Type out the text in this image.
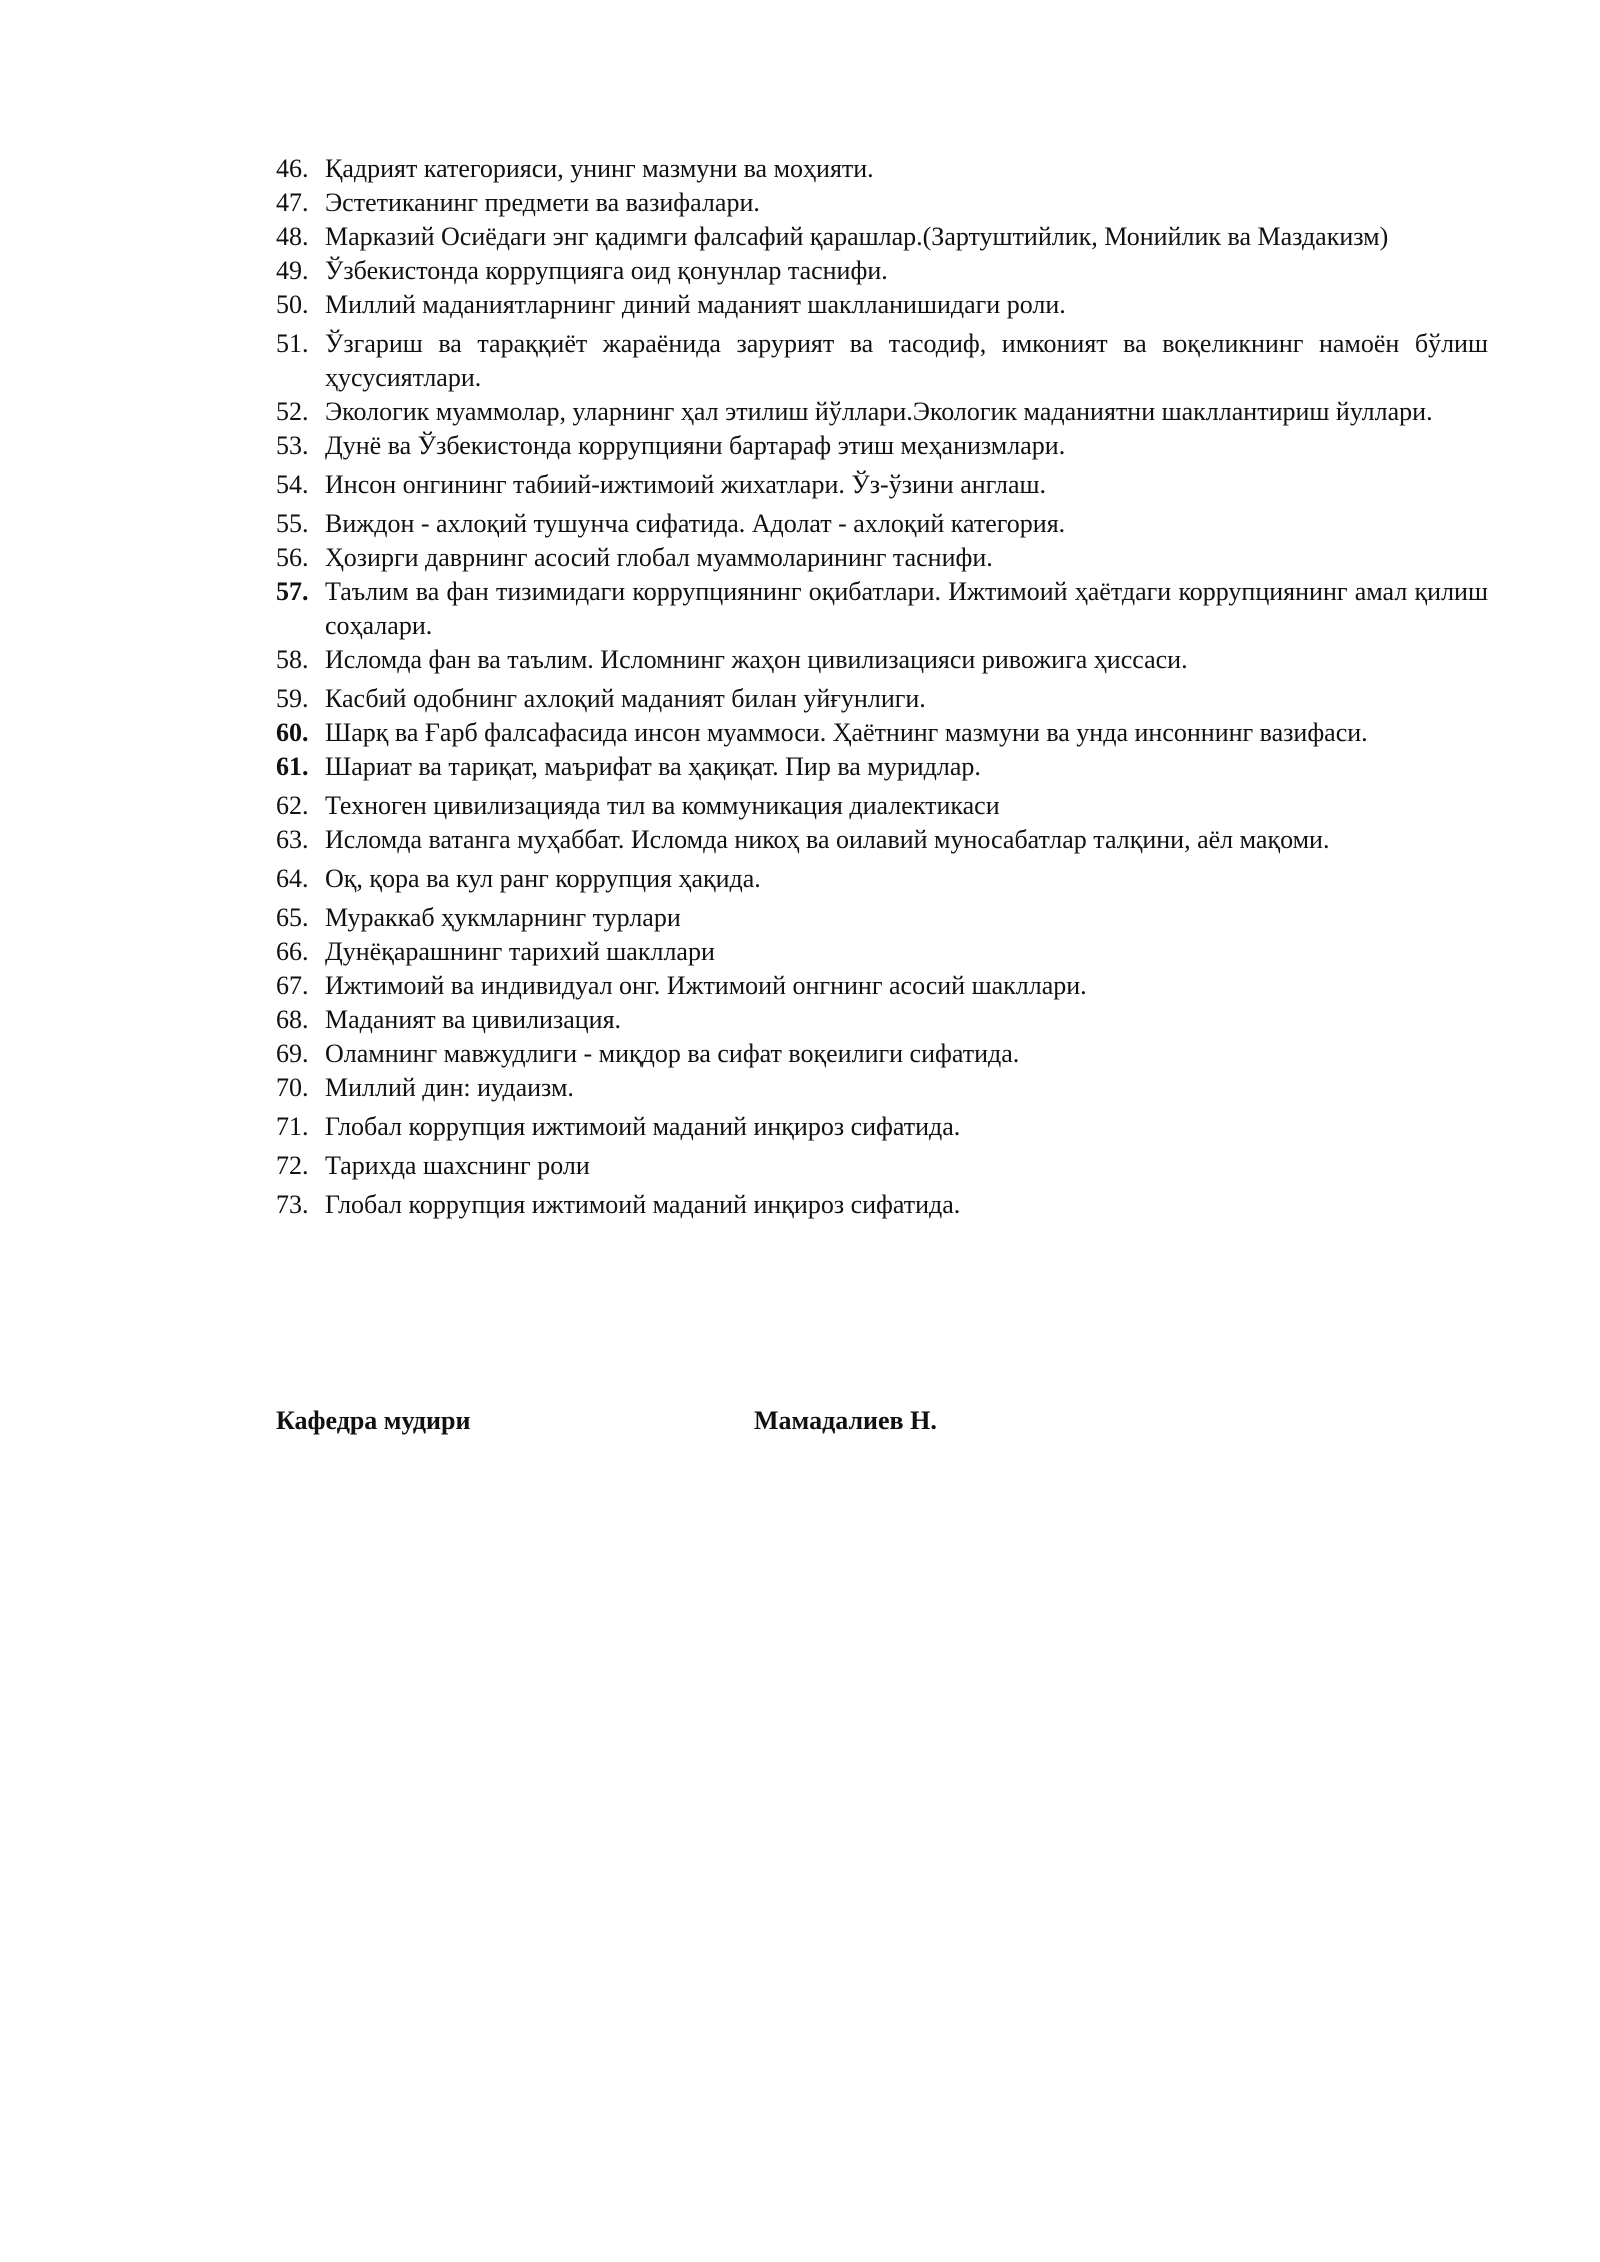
46. Қадрият категорияси, унинг мазмуни ва моҳияти.
47. Эстетиканинг предмети ва вазифалари.
48. Марказий Осиёдаги энг қадимги фалсафий қарашлар.(Зартуштийлик, Монийлик ва Маздакизм)
49. Ўзбекистонда коррупцияга оид қонунлар таснифи.
50. Миллий маданиятларнинг диний маданият шаклланишидаги роли.
51. Ўзгариш ва тараққиёт жараёнида зарурият ва тасодиф, имконият ва воқеликнинг намоён бўлиш ҳусусиятлари.
52. Экологик муаммолар, уларнинг ҳал этилиш йўллари.Экологик маданиятни шакллантириш йуллари.
53. Дунё ва Ўзбекистонда коррупцияни бартараф этиш меҳанизмлари.
54. Инсон онгининг табиий-ижтимоий жихатлари. Ўз-ўзини англаш.
55. Виждон - ахлоқий тушунча сифатида. Адолат - ахлоқий категория.
56. Ҳозирги даврнинг асосий глобал муаммоларининг таснифи.
57. Таълим ва фан тизимидаги коррупциянинг оқибатлари. Ижтимоий ҳаётдаги коррупциянинг амал қилиш соҳалари.
58. Исломда фан ва таълим. Исломнинг жаҳон цивилизацияси ривожига ҳиссаси.
59. Касбий одобнинг ахлоқий маданият билан уйғунлиги.
60. Шарқ ва Ғарб фалсафасида инсон муаммоси. Ҳаётнинг мазмуни ва унда инсоннинг вазифаси.
61. Шариат ва тариқат, маърифат ва ҳақиқат. Пир ва муридлар.
62. Техноген цивилизацияда тил ва коммуникация диалектикаси
63. Исломда ватанга муҳаббат. Исломда никоҳ ва оилавий муносабатлар талқини, аёл мақоми.
64. Оқ, қора ва кул ранг коррупция ҳақида.
65. Мураккаб ҳукмларнинг турлари
66. Дунёқарашнинг тарихий шакллари
67. Ижтимоий ва индивидуал онг. Ижтимоий онгнинг асосий шакллари.
68. Маданият ва цивилизация.
69. Оламнинг мавжудлиги - миқдор ва сифат воқеилиги сифатида.
70. Миллий дин: иудаизм.
71. Глобал коррупция ижтимоий маданий инқироз сифатида.
72. Тарихда шахснинг роли
73. Глобал коррупция ижтимоий маданий инқироз сифатида.
Кафедра мудири	Мамадалиев Н.
